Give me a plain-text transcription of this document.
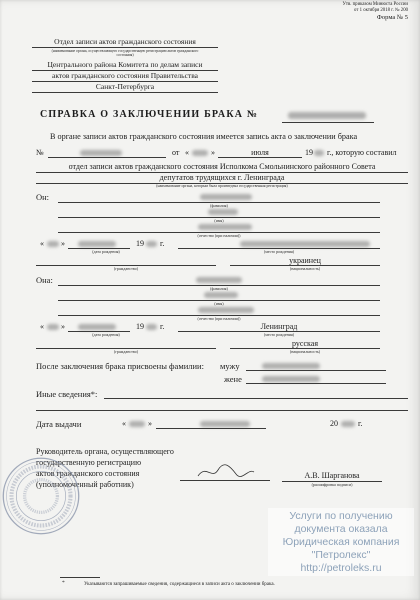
Утв. приказом Минюста России
от 1 октября 2018 г. № 200
Форма № 5
Отдел записи актов гражданского состояния
(наименование органа, осуществляющего государственную регистрацию актов гражданского состояния)
Центрального района Комитета по делам записи
актов гражданского состояния Правительства
Санкт-Петербурга
СПРАВКА О ЗАКЛЮЧЕНИИ БРАКА №
В органе записи актов гражданского состояния имеется запись акта о заключении брака
№	от «	»	июля	19 г., которую составил
отдел записи актов гражданского состояния Исполкома Смольнинского районного Совета
депутатов трудящихся г. Ленинграда
(наименование органа, которым была произведена государственная регистрация)
Он:
(фамилия)
(имя)
(отчество (при наличии))
« »	19 г.
(дата рождения)	(место рождения)
украинец
(гражданство)	(национальность)
Она:
(фамилия)
(имя)
(отчество (при наличии))
« »	19 г.	Ленинград
(дата рождения)	(место рождения)
русская
(гражданство)	(национальность)
После заключения брака присвоены фамилии: мужу
жене
Иные сведения*:
Дата выдачи	«	»	20	г.
Руководитель органа, осуществляющего
государственную регистрацию
актов гражданского состояния
(уполномоченный работник)
А.В. Шарганова
(расшифровка подписи)
Услуги по получению
документа оказала
Юридическая компания
"Петролекс"
http://petroleks.ru
*	Указываются запрашиваемые сведения, содержащиеся в записи акта о заключении брака.
